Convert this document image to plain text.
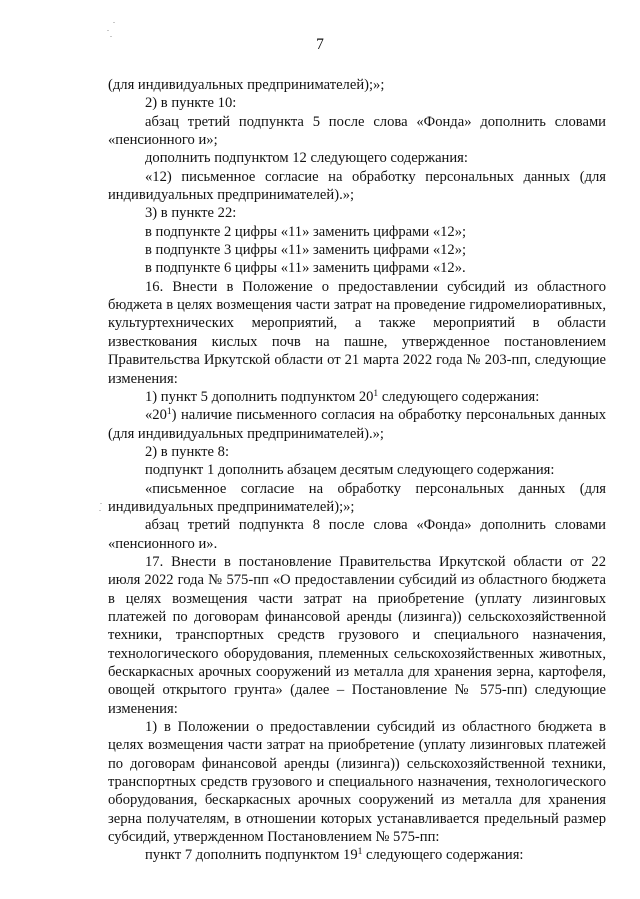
7

(для индивидуальных предпринимателей);»;

2) в пункте 10:

абзац третий подпункта 5 после слова «Фонда» дополнить словами «пенсионного и»;

дополнить подпунктом 12 следующего содержания:

«12) письменное согласие на обработку персональных данных (для индивидуальных предпринимателей).»;

3) в пункте 22:

в подпункте 2 цифры «11» заменить цифрами «12»;

в подпункте 3 цифры «11» заменить цифрами «12»;

в подпункте 6 цифры «11» заменить цифрами «12».

16. Внести в Положение о предоставлении субсидий из областного бюджета в целях возмещения части затрат на проведение гидромелиоративных, культуртехнических мероприятий, а также мероприятий в области известкования кислых почв на пашне, утвержденное постановлением Правительства Иркутской области от 21 марта 2022 года № 203-пп, следующие изменения:

1) пункт 5 дополнить подпунктом $20^1$ следующего содержания:

«$20^1$) наличие письменного согласия на обработку персональных данных (для индивидуальных предпринимателей).»;

2) в пункте 8:

подпункт 1 дополнить абзацем десятым следующего содержания:

«письменное согласие на обработку персональных данных (для индивидуальных предпринимателей);»;

абзац третий подпункта 8 после слова «Фонда» дополнить словами «пенсионного и».

17. Внести в постановление Правительства Иркутской области от 22 июля 2022 года № 575-пп «О предоставлении субсидий из областного бюджета в целях возмещения части затрат на приобретение (уплату лизинговых платежей по договорам финансовой аренды (лизинга)) сельскохозяйственной техники, транспортных средств грузового и специального назначения, технологического оборудования, племенных сельскохозяйственных животных, бескаркасных арочных сооружений из металла для хранения зерна, картофеля, овощей открытого грунта» (далее – Постановление № 575-пп) следующие изменения:

1) в Положении о предоставлении субсидий из областного бюджета в целях возмещения части затрат на приобретение (уплату лизинговых платежей по договорам финансовой аренды (лизинга)) сельскохозяйственной техники, транспортных средств грузового и специального назначения, технологического оборудования, бескаркасных арочных сооружений из металла для хранения зерна получателям, в отношении которых устанавливается предельный размер субсидий, утвержденном Постановлением № 575-пп:

пункт 7 дополнить подпунктом $19^1$ следующего содержания:
